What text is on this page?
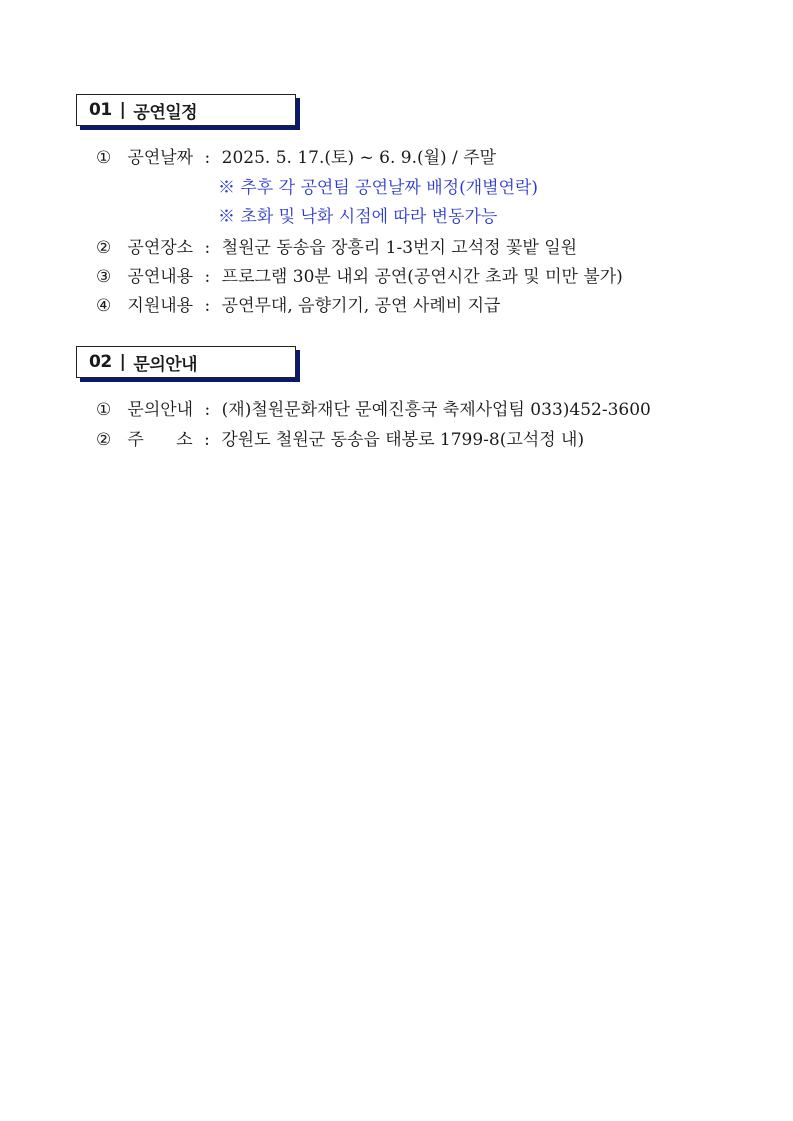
01 | 공연일정
① 공연날짜 : 2025. 5. 17.(토) ~ 6. 9.(월) / 주말
※ 추후 각 공연팀 공연날짜 배정(개별연락)
※ 초화 및 낙화 시점에 따라 변동가능
② 공연장소 : 철원군 동송읍 장흥리 1-3번지 고석정 꽃밭 일원
③ 공연내용 : 프로그램 30분 내외 공연(공연시간 초과 및 미만 불가)
④ 지원내용 : 공연무대, 음향기기, 공연 사례비 지급
02 | 문의안내
① 문의안내 : (재)철원문화재단 문예진흥국 축제사업팀 033)452-3600
② 주      소 : 강원도 철원군 동송읍 태봉로 1799-8(고석정 내)
